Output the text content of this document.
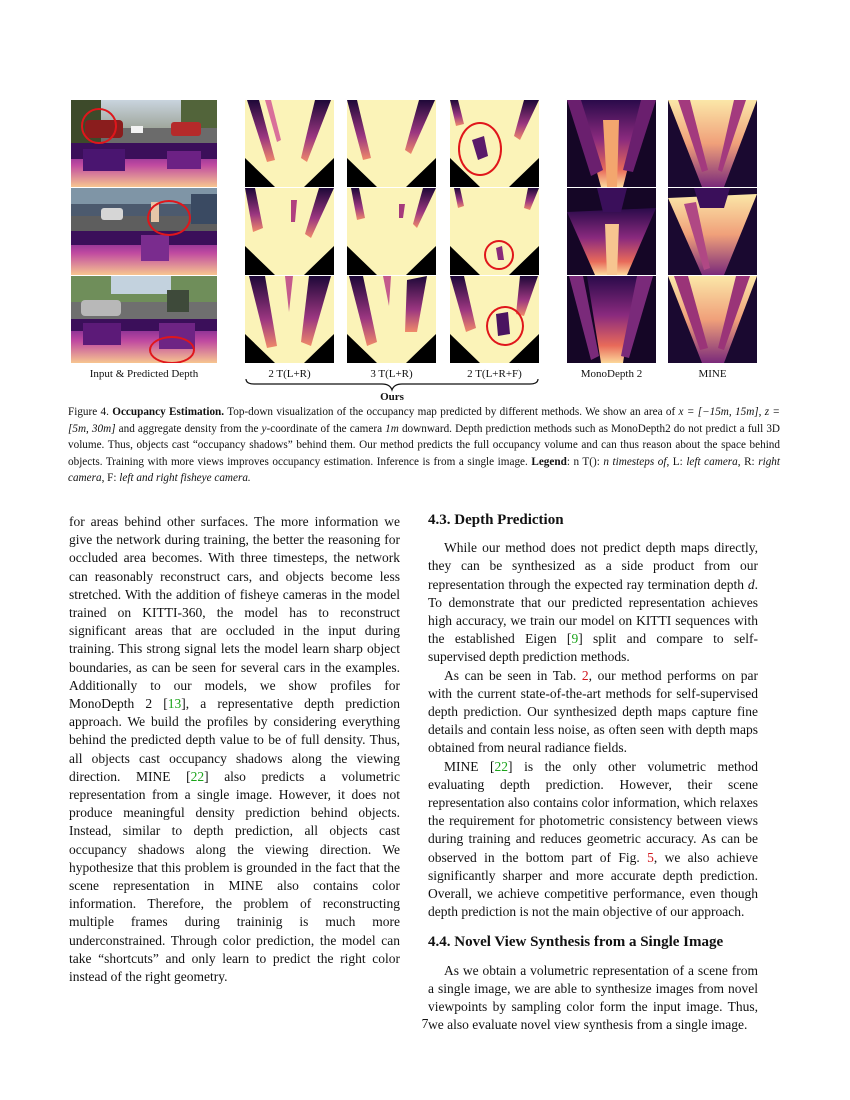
Input & Predicted Depth	2 T(L+R)	3 T(L+R)	2 T(L+R+F)	MonoDepth 2	MINE
Ours
Figure 4. Occupancy Estimation. Top-down visualization of the occupancy map predicted by different methods. We show an area of x = [−15m, 15m], z = [5m, 30m] and aggregate density from the y-coordinate of the camera 1m downward. Depth prediction methods such as MonoDepth2 do not predict a full 3D volume. Thus, objects cast “occupancy shadows” behind them. Our method predicts the full occupancy volume and can thus reason about the space behind objects. Training with more views improves occupancy estimation. Inference is from a single image. Legend: n T(): n timesteps of, L: left camera, R: right camera, F: left and right fisheye camera.

for areas behind other surfaces. The more information we give the network during training, the better the reasoning for occluded area becomes. With three timesteps, the network can reasonably reconstruct cars, and objects become less stretched. With the addition of fisheye cameras in the model trained on KITTI-360, the model has to reconstruct significant areas that are occluded in the input during training. This strong signal lets the model learn sharp object boundaries, as can be seen for several cars in the examples. Additionally to our models, we show profiles for MonoDepth 2 [13], a representative depth prediction approach. We build the profiles by considering everything behind the predicted depth value to be of full density. Thus, all objects cast occupancy shadows along the viewing direction. MINE [22] also predicts a volumetric representation from a single image. However, it does not produce meaningful density prediction behind objects. Instead, similar to depth prediction, all objects cast occupancy shadows along the viewing direction. We hypothesize that this problem is grounded in the fact that the scene representation in MINE also contains color information. Therefore, the problem of reconstructing multiple frames during traininig is much more underconstrained. Through color prediction, the model can take “shortcuts” and only learn to predict the right color instead of the right geometry.

4.3. Depth Prediction

While our method does not predict depth maps directly, they can be synthesized as a side product from our representation through the expected ray termination depth d. To demonstrate that our predicted representation achieves high accuracy, we train our model on KITTI sequences with the established Eigen [9] split and compare to self-supervised depth prediction methods.

As can be seen in Tab. 2, our method performs on par with the current state-of-the-art methods for self-supervised depth prediction. Our synthesized depth maps capture fine details and contain less noise, as often seen with depth maps obtained from neural radiance fields.

MINE [22] is the only other volumetric method evaluating depth prediction. However, their scene representation also contains color information, which relaxes the requirement for photometric consistency between views during training and reduces geometric accuracy. As can be observed in the bottom part of Fig. 5, we also achieve significantly sharper and more accurate depth prediction. Overall, we achieve competitive performance, even though depth prediction is not the main objective of our approach.

4.4. Novel View Synthesis from a Single Image

As we obtain a volumetric representation of a scene from a single image, we are able to synthesize images from novel viewpoints by sampling color form the input image. Thus, we also evaluate novel view synthesis from a single image.

7
